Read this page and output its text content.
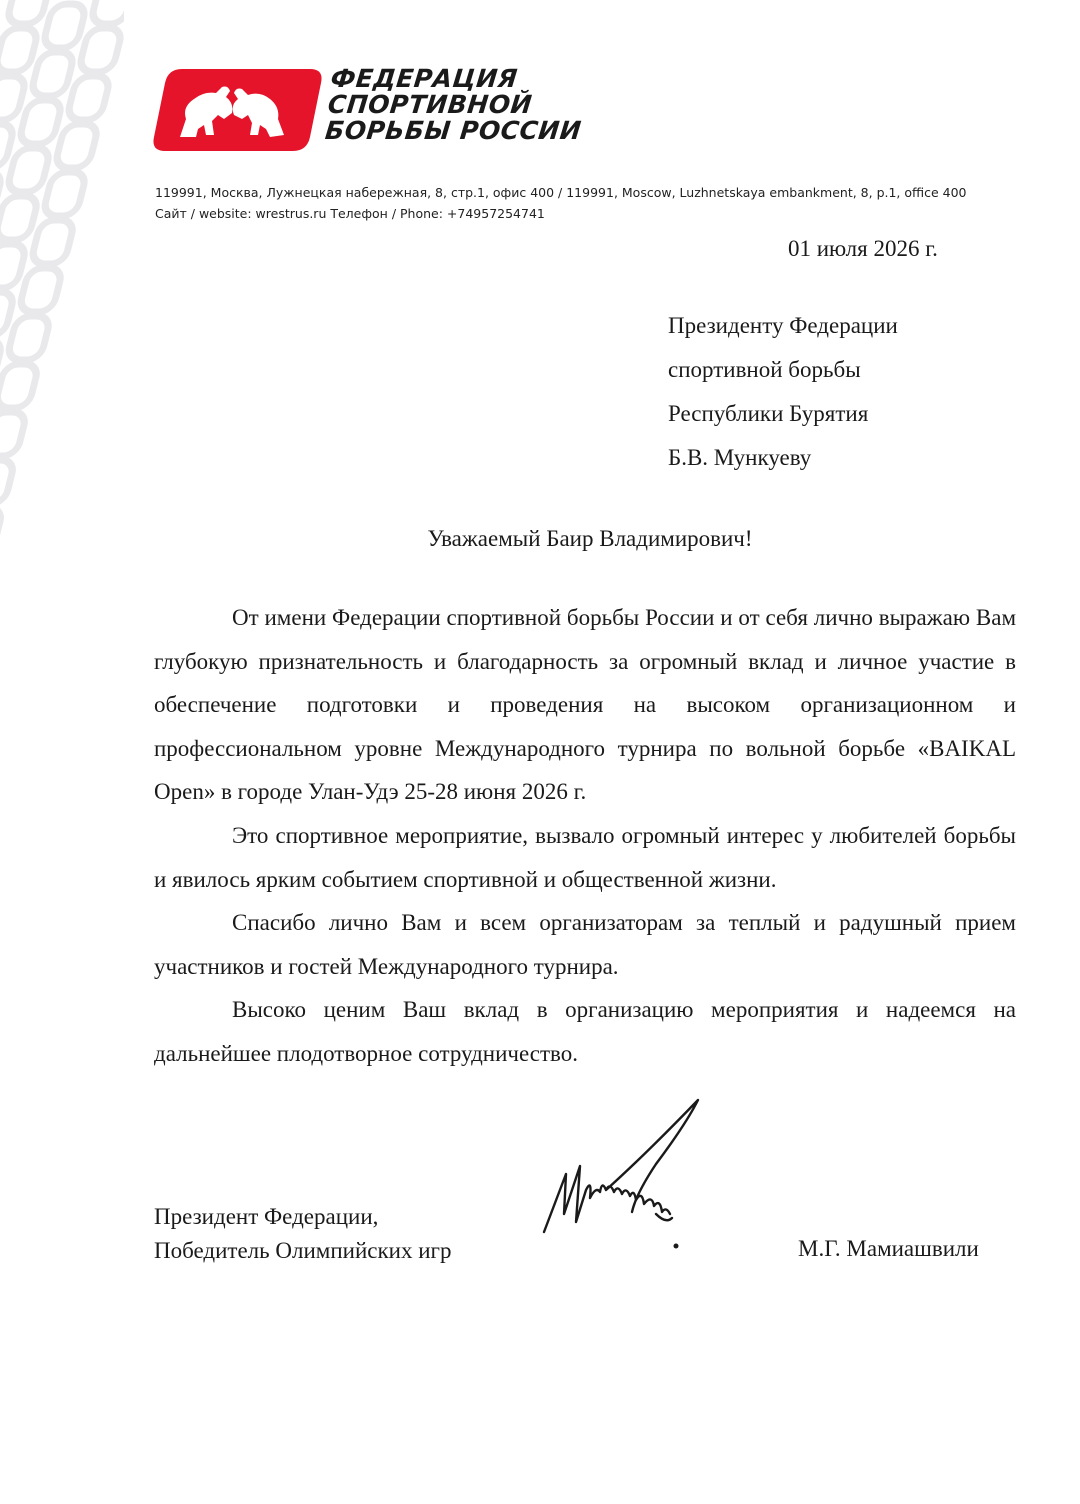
ФЕДЕРАЦИЯ
СПОРТИВНОЙ
БОРЬБЫ РОССИИ
119991, Москва, Лужнецкая набережная, 8, стр.1, офис 400 / 119991, Moscow, Luzhnetskaya embankment, 8, p.1, office 400
Сайт / website: wrestrus.ru Телефон / Phone: +74957254741
01 июля 2026 г.
Президенту Федерации
спортивной борьбы
Республики Бурятия
Б.В. Мункуеву
Уважаемый Баир Владимирович!

От имени Федерации спортивной борьбы России и от себя лично выражаю Вам глубокую признательность и благодарность за огромный вклад и личное участие в обеспечение подготовки и проведения на высоком организационном и профессиональном уровне Международного турнира по вольной борьбе «BAIKAL Open» в городе Улан-Удэ 25-28 июня 2026 г.

Это спортивное мероприятие, вызвало огромный интерес у любителей борьбы и явилось ярким событием спортивной и общественной жизни.

Спасибо лично Вам и всем организаторам за теплый и радушный прием участников и гостей Международного турнира.

Высоко ценим Ваш вклад в организацию мероприятия и надеемся на дальнейшее плодотворное сотрудничество.

Президент Федерации,
Победитель Олимпийских игр	М.Г. Мамиашвили
